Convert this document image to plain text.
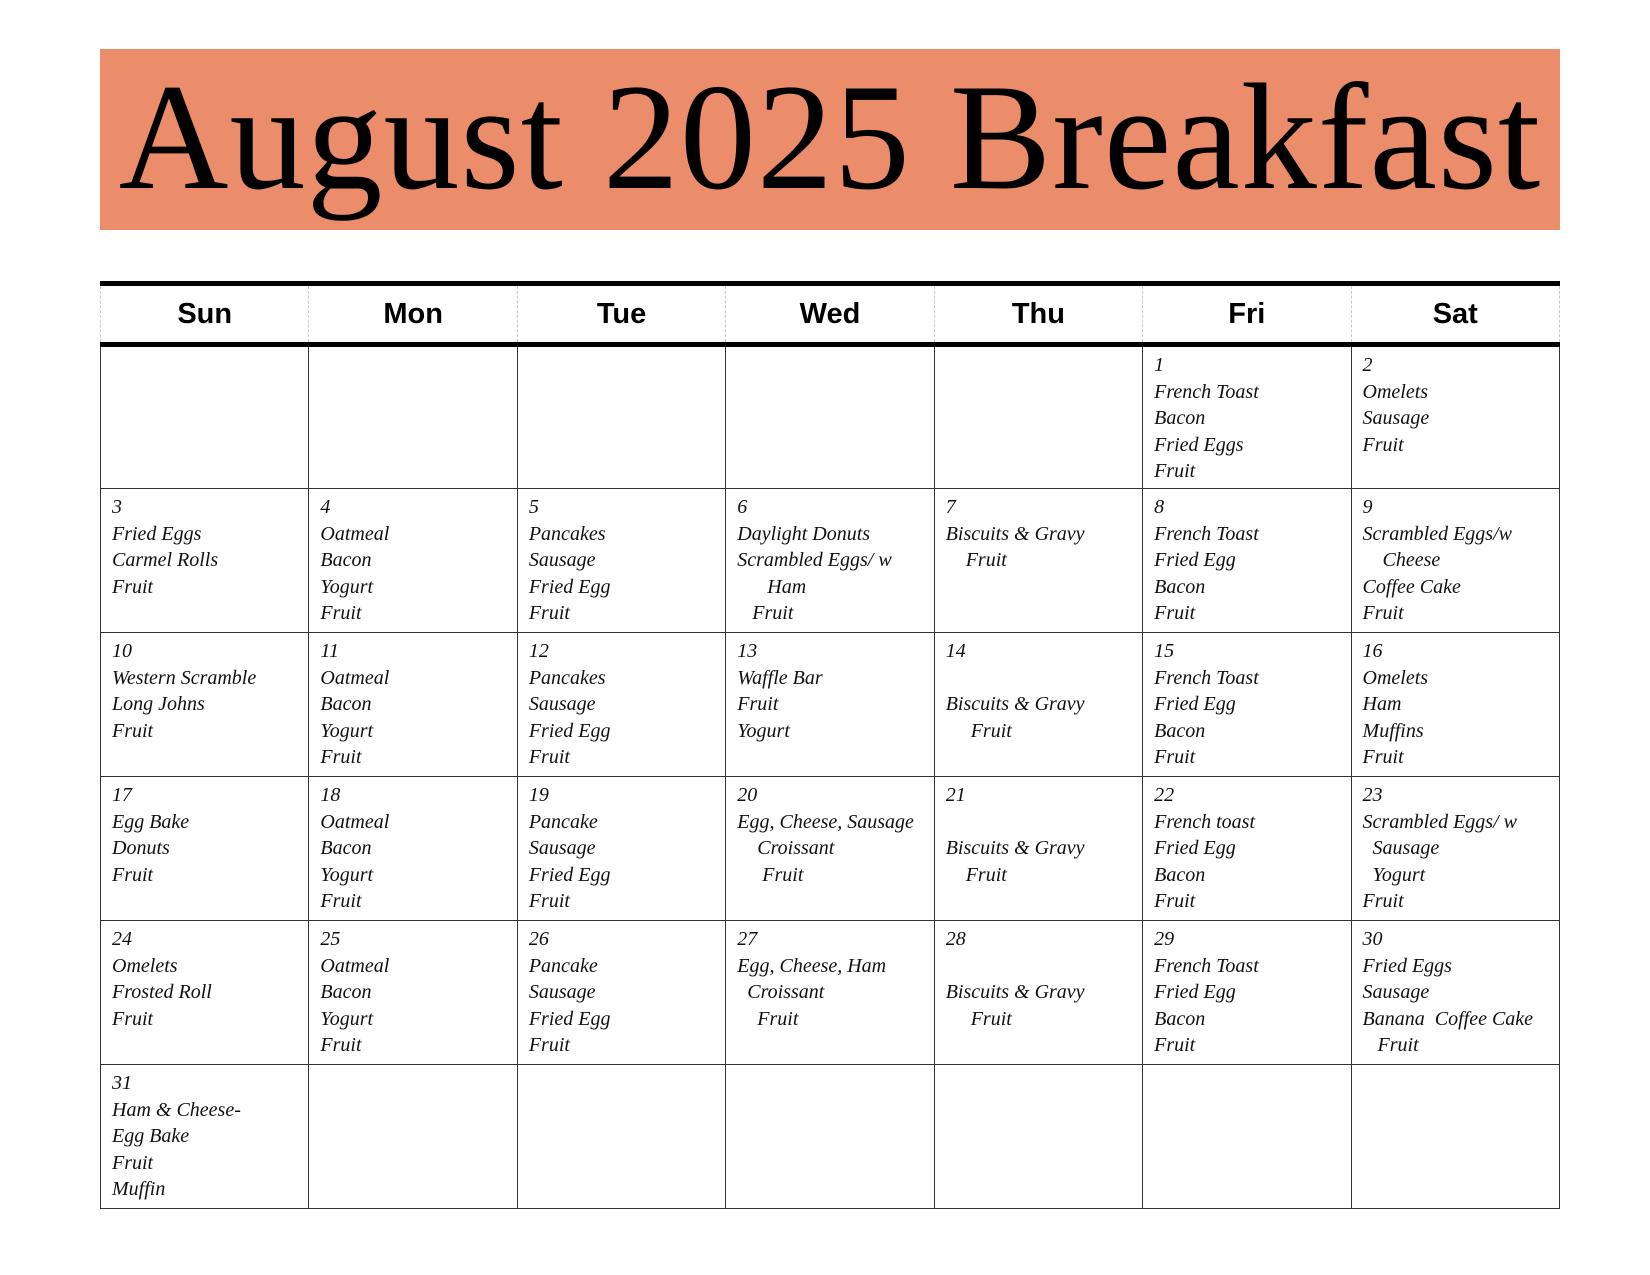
August 2025 Breakfast
Sun	Mon	Tue	Wed	Thu	Fri	Sat

					1
French Toast
Bacon
Fried Eggs
Fruit	2
Omelets
Sausage
Fruit

3
Fried Eggs
Carmel Rolls
Fruit	4
Oatmeal
Bacon
Yogurt
Fruit	5
Pancakes
Sausage
Fried Egg
Fruit	6
Daylight Donuts
Scrambled Eggs/ w
Ham
Fruit	7
Biscuits & Gravy
Fruit	8
French Toast
Fried Egg
Bacon
Fruit	9
Scrambled Eggs/w
Cheese
Coffee Cake
Fruit

10
Western Scramble
Long Johns
Fruit	11
Oatmeal
Bacon
Yogurt
Fruit	12
Pancakes
Sausage
Fried Egg
Fruit	13
Waffle Bar
Fruit
Yogurt	14

Biscuits & Gravy
Fruit	15
French Toast
Fried Egg
Bacon
Fruit	16
Omelets
Ham
Muffins
Fruit

17
Egg Bake
Donuts
Fruit	18
Oatmeal
Bacon
Yogurt
Fruit	19
Pancake
Sausage
Fried Egg
Fruit	20
Egg, Cheese, Sausage
Croissant
Fruit	21

Biscuits & Gravy
Fruit	22
French toast
Fried Egg
Bacon
Fruit	23
Scrambled Eggs/ w
Sausage
Yogurt
Fruit

24
Omelets
Frosted Roll
Fruit	25
Oatmeal
Bacon
Yogurt
Fruit	26
Pancake
Sausage
Fried Egg
Fruit	27
Egg, Cheese, Ham
Croissant
Fruit	28

Biscuits & Gravy
Fruit	29
French Toast
Fried Egg
Bacon
Fruit	30
Fried Eggs
Sausage
Banana  Coffee Cake
Fruit

31
Ham & Cheese-
Egg Bake
Fruit
Muffin						
